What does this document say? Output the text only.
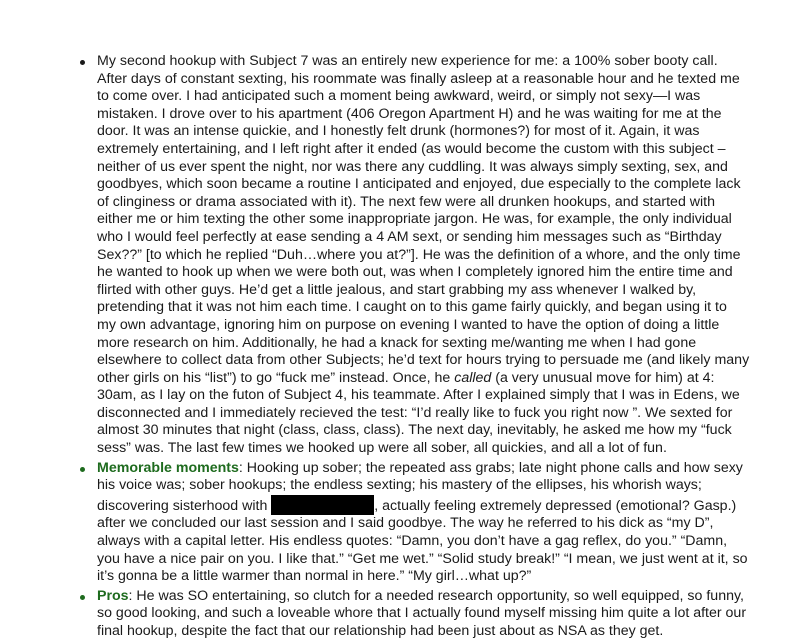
My second hookup with Subject 7 was an entirely new experience for me: a 100% sober booty call.
After days of constant sexting, his roommate was finally asleep at a reasonable hour and he texted me
to come over. I had anticipated such a moment being awkward, weird, or simply not sexy—I was
mistaken. I drove over to his apartment (406 Oregon Apartment H) and he was waiting for me at the
door. It was an intense quickie, and I honestly felt drunk (hormones?) for most of it. Again, it was
extremely entertaining, and I left right after it ended (as would become the custom with this subject –
neither of us ever spent the night, nor was there any cuddling. It was always simply sexting, sex, and
goodbyes, which soon became a routine I anticipated and enjoyed, due especially to the complete lack
of clinginess or drama associated with it). The next few were all drunken hookups, and started with
either me or him texting the other some inappropriate jargon. He was, for example, the only individual
who I would feel perfectly at ease sending a 4 AM sext, or sending him messages such as “Birthday
Sex??” [to which he replied “Duh…where you at?”]. He was the definition of a whore, and the only time
he wanted to hook up when we were both out, was when I completely ignored him the entire time and
flirted with other guys. He’d get a little jealous, and start grabbing my ass whenever I walked by,
pretending that it was not him each time. I caught on to this game fairly quickly, and began using it to
my own advantage, ignoring him on purpose on evening I wanted to have the option of doing a little
more research on him. Additionally, he had a knack for sexting me/wanting me when I had gone
elsewhere to collect data from other Subjects; he’d text for hours trying to persuade me (and likely many
other girls on his “list”) to go “fuck me” instead. Once, he called (a very unusual move for him) at 4:
30am, as I lay on the futon of Subject 4, his teammate. After I explained simply that I was in Edens, we
disconnected and I immediately recieved the test: “I’d really like to fuck you right now ”. We sexted for
almost 30 minutes that night (class, class, class). The next day, inevitably, he asked me how my “fuck
sess” was. The last few times we hooked up were all sober, all quickies, and all a lot of fun.
Memorable moments: Hooking up sober; the repeated ass grabs; late night phone calls and how sexy
his voice was; sober hookups; the endless sexting; his mastery of the ellipses, his whorish ways;
discovering sisterhood with	, actually feeling extremely depressed (emotional? Gasp.)
after we concluded our last session and I said goodbye. The way he referred to his dick as “my D”,
always with a capital letter. His endless quotes: “Damn, you don’t have a gag reflex, do you.” “Damn,
you have a nice pair on you. I like that.” “Get me wet.” “Solid study break!” “I mean, we just went at it, so
it’s gonna be a little warmer than normal in here.” “My girl…what up?”
Pros: He was SO entertaining, so clutch for a needed research opportunity, so well equipped, so funny,
so good looking, and such a loveable whore that I actually found myself missing him quite a lot after our
final hookup, despite the fact that our relationship had been just about as NSA as they get.
